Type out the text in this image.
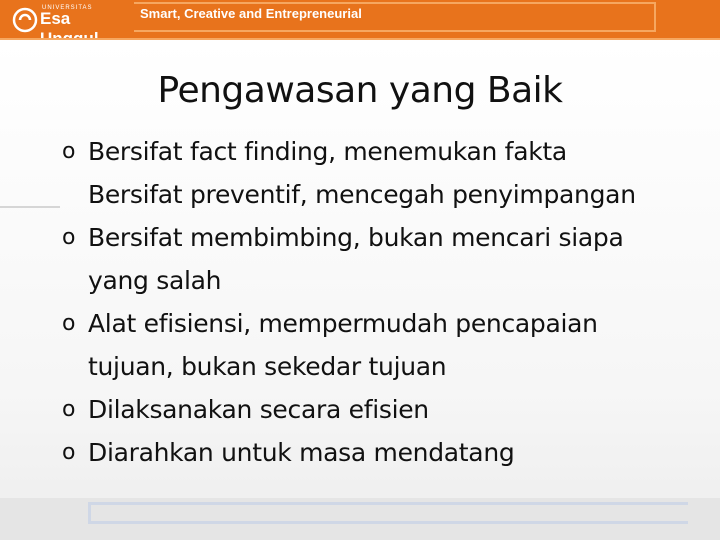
UNIVERSITAS
Esa	Smart, Creative and Entrepreneurial
Pengawasan yang Baik
o Bersifat fact finding, menemukan fakta
Bersifat preventif, mencegah penyimpangan
o Bersifat membimbing, bukan mencari siapa
yang salah
o Alat efisiensi, mempermudah pencapaian
tujuan, bukan sekedar tujuan
o Dilaksanakan secara efisien
o Diarahkan untuk masa mendatang
